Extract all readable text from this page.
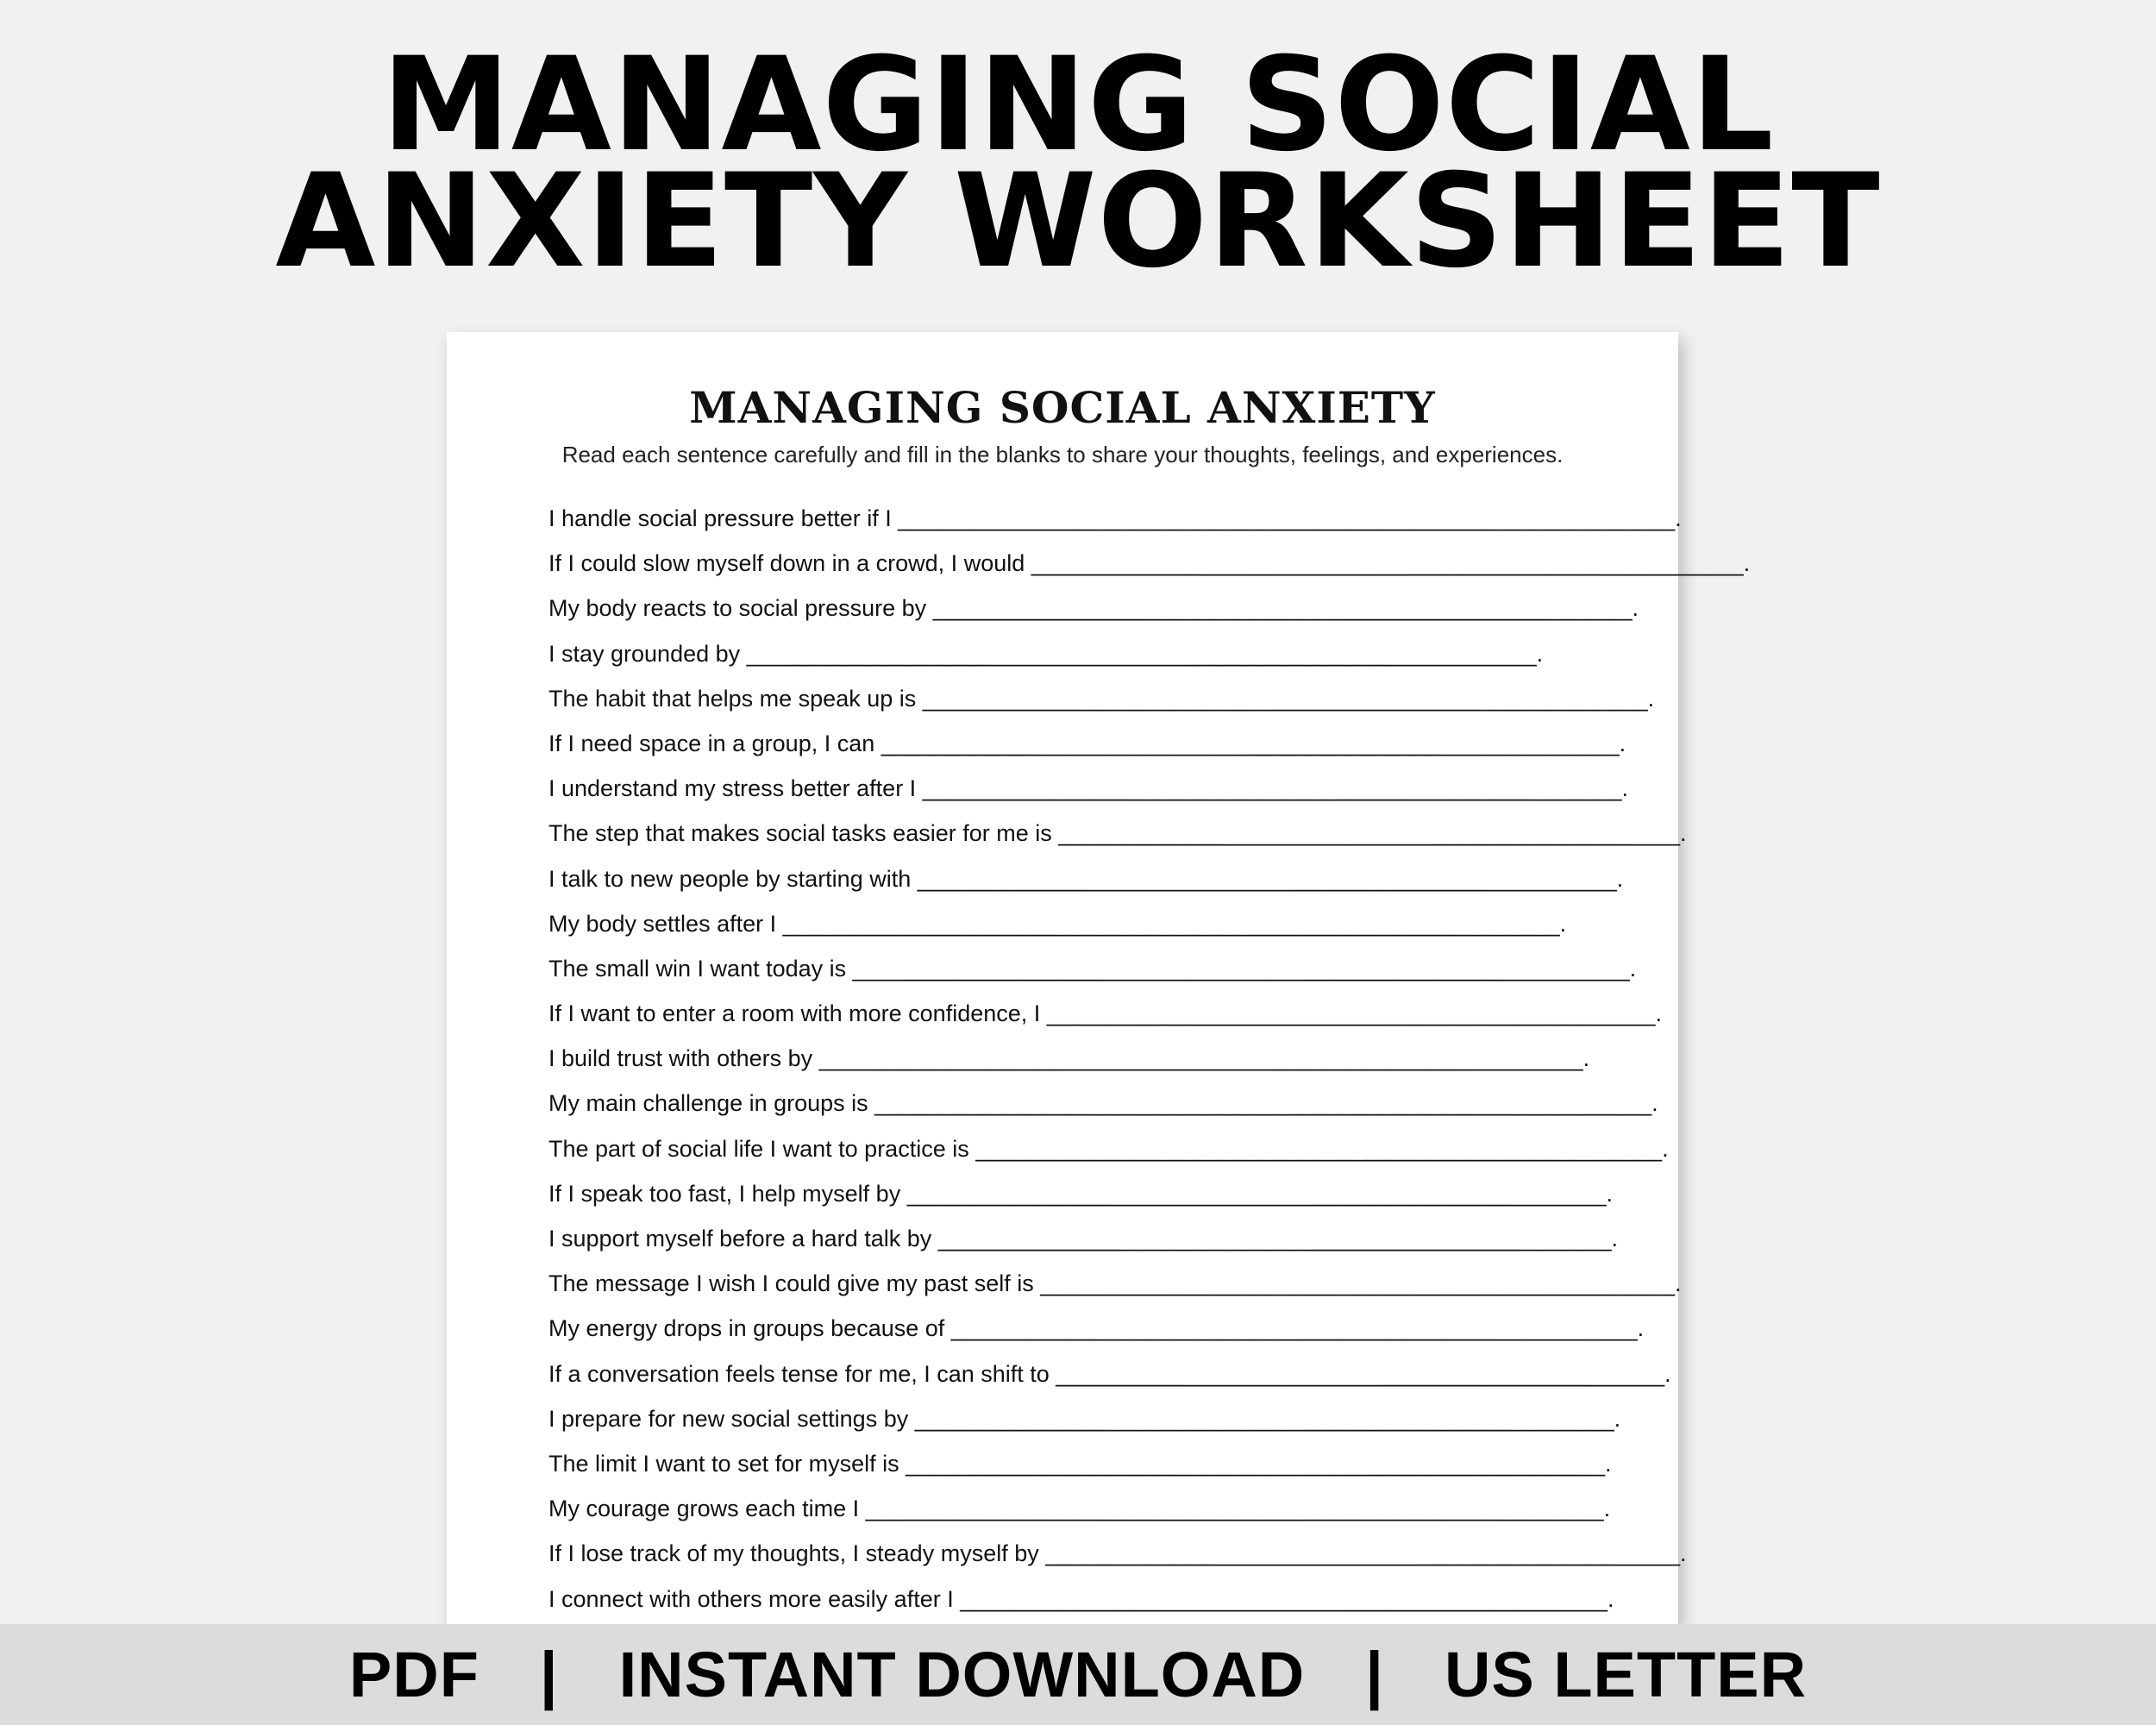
MANAGING SOCIAL
ANXIETY WORKSHEET
MANAGING SOCIAL ANXIETY

Read each sentence carefully and fill in the blanks to share your thoughts, feelings, and experiences.

I handle social pressure better if I ____________________________________________________________.
If I could slow myself down in a crowd, I would _______________________________________________________.
My body reacts to social pressure by ______________________________________________________.
I stay grounded by _____________________________________________________________.
The habit that helps me speak up is ________________________________________________________.
If I need space in a group, I can _________________________________________________________.
I understand my stress better after I ______________________________________________________.
The step that makes social tasks easier for me is ________________________________________________.
I talk to new people by starting with ______________________________________________________.
My body settles after I ____________________________________________________________.
The small win I want today is ____________________________________________________________.
If I want to enter a room with more confidence, I _______________________________________________.
I build trust with others by ___________________________________________________________.
My main challenge in groups is ____________________________________________________________.
The part of social life I want to practice is _____________________________________________________.
If I speak too fast, I help myself by ______________________________________________________.
I support myself before a hard talk by ____________________________________________________.
The message I wish I could give my past self is _________________________________________________.
My energy drops in groups because of _____________________________________________________.
If a conversation feels tense for me, I can shift to _______________________________________________.
I prepare for new social settings by ______________________________________________________.
The limit I want to set for myself is ______________________________________________________.
My courage grows each time I _________________________________________________________.
If I lose track of my thoughts, I steady myself by _________________________________________________.
I connect with others more easily after I __________________________________________________.
PDF | INSTANT DOWNLOAD | US LETTER
